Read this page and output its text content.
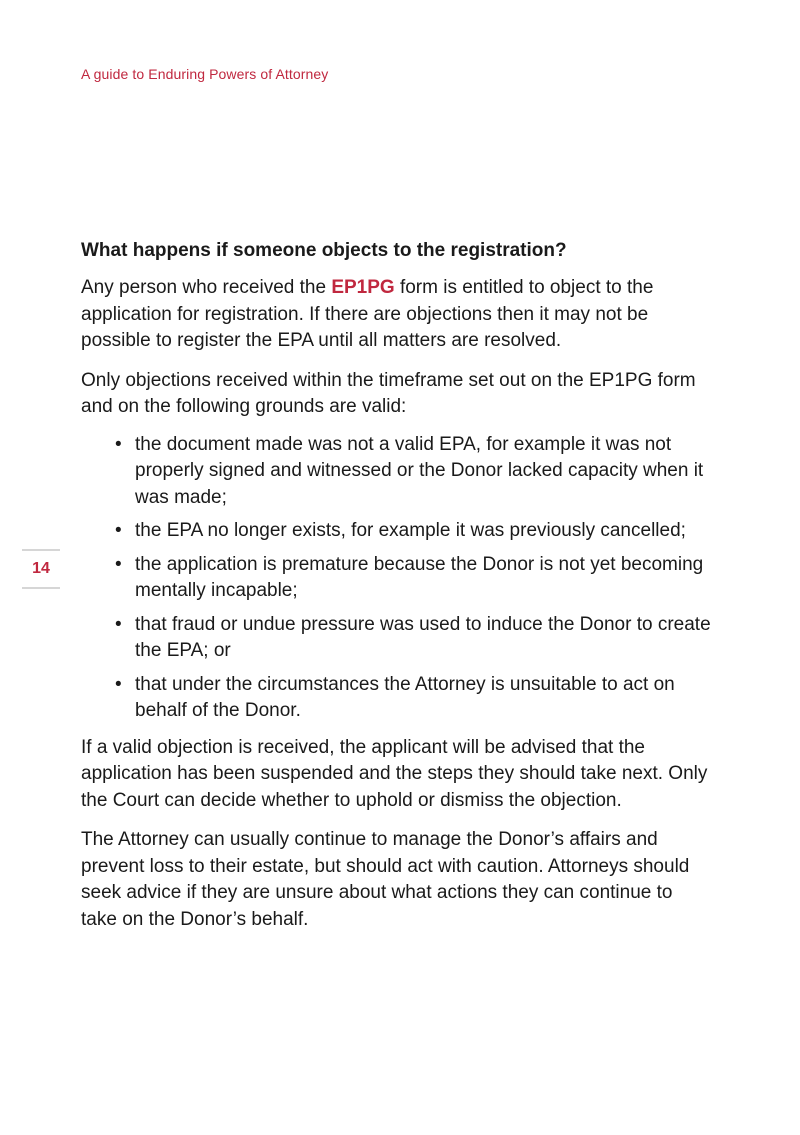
A guide to Enduring Powers of Attorney
14
What happens if someone objects to the registration?

Any person who received the EP1PG form is entitled to object to the application for registration. If there are objections then it may not be possible to register the EPA until all matters are resolved.

Only objections received within the timeframe set out on the EP1PG form and on the following grounds are valid:

• the document made was not a valid EPA, for example it was not properly signed and witnessed or the Donor lacked capacity when it was made;
• the EPA no longer exists, for example it was previously cancelled;
• the application is premature because the Donor is not yet becoming mentally incapable;
• that fraud or undue pressure was used to induce the Donor to create the EPA; or
• that under the circumstances the Attorney is unsuitable to act on behalf of the Donor.

If a valid objection is received, the applicant will be advised that the application has been suspended and the steps they should take next. Only the Court can decide whether to uphold or dismiss the objection.

The Attorney can usually continue to manage the Donor’s affairs and prevent loss to their estate, but should act with caution. Attorneys should seek advice if they are unsure about what actions they can continue to take on the Donor’s behalf.
